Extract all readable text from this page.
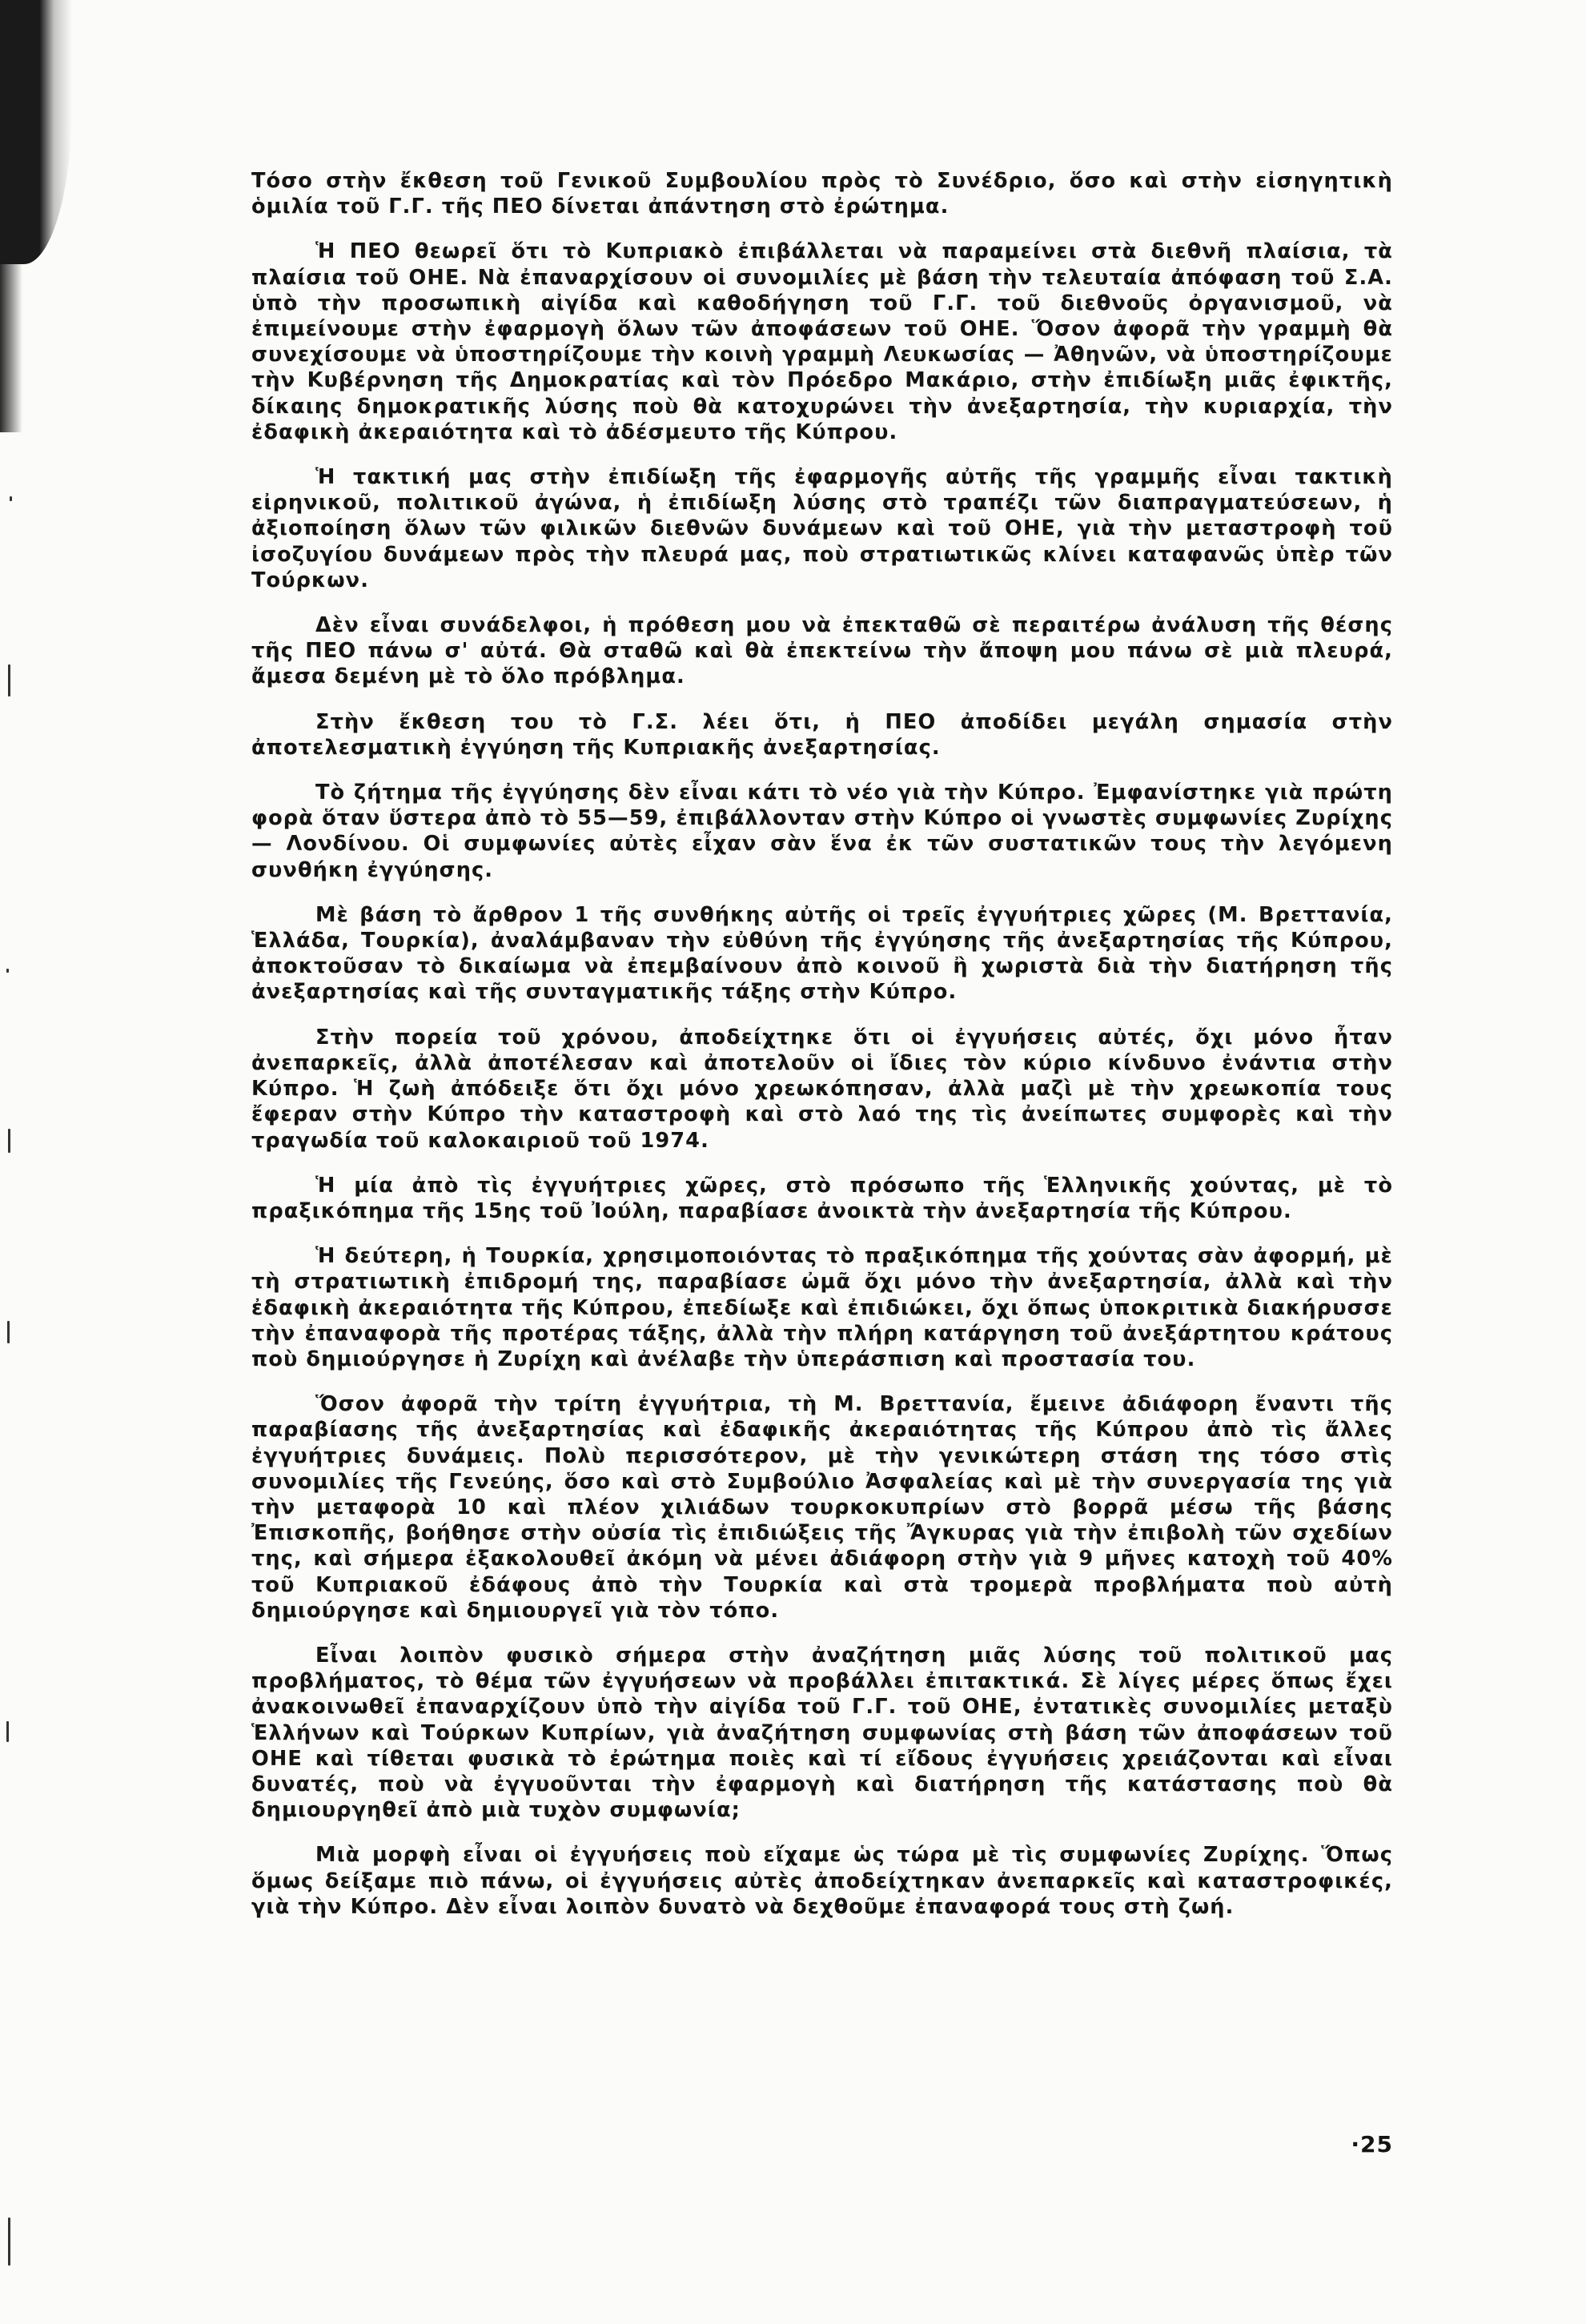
Τόσο στὴν ἔκθεση τοῦ Γενικοῦ Συμβουλίου πρὸς τὸ Συνέδριο, ὅσο καὶ στὴν εἰσηγητικὴ ὁμιλία τοῦ Γ.Γ. τῆς ΠΕΟ δίνεται ἀπάντηση στὸ ἐρώτημα.

Ἡ ΠΕΟ θεωρεῖ ὅτι τὸ Κυπριακὸ ἐπιβάλλεται νὰ παραμείνει στὰ διεθνῆ πλαίσια, τὰ πλαίσια τοῦ ΟΗΕ. Νὰ ἐπαναρχίσουν οἱ συνομιλίες μὲ βάση τὴν τελευταία ἀπόφαση τοῦ Σ.Α. ὑπὸ τὴν προσωπικὴ αἰγίδα καὶ καθοδήγηση τοῦ Γ.Γ. τοῦ διεθνοῦς ὀργανισμοῦ, νὰ ἐπιμείνουμε στὴν ἐφαρμογὴ ὅλων τῶν ἀποφάσεων τοῦ ΟΗΕ. Ὅσον ἀφορᾶ τὴν γραμμὴ θὰ συνεχίσουμε νὰ ὑποστηρίζουμε τὴν κοινὴ γραμμὴ Λευκωσίας — Ἀθηνῶν, νὰ ὑποστηρίζουμε τὴν Κυβέρνηση τῆς Δημοκρατίας καὶ τὸν Πρόεδρο Μακάριο, στὴν ἐπιδίωξη μιᾶς ἐφικτῆς, δίκαιης δημοκρατικῆς λύσης ποὺ θὰ κατοχυρώνει τὴν ἀνεξαρτησία, τὴν κυριαρχία, τὴν ἐδαφικὴ ἀκεραιότητα καὶ τὸ ἀδέσμευτο τῆς Κύπρου.

Ἡ τακτική μας στὴν ἐπιδίωξη τῆς ἐφαρμογῆς αὐτῆς τῆς γραμμῆς εἶναι τακτικὴ εἰρηνικοῦ, πολιτικοῦ ἀγώνα, ἡ ἐπιδίωξη λύσης στὸ τραπέζι τῶν διαπραγματεύσεων, ἡ ἀξιοποίηση ὅλων τῶν φιλικῶν διεθνῶν δυνάμεων καὶ τοῦ ΟΗΕ, γιὰ τὴν μεταστροφὴ τοῦ ἰσοζυγίου δυνάμεων πρὸς τὴν πλευρά μας, ποὺ στρατιωτικῶς κλίνει καταφανῶς ὑπὲρ τῶν Τούρκων.

Δὲν εἶναι συνάδελφοι, ἡ πρόθεση μου νὰ ἐπεκταθῶ σὲ περαιτέρω ἀνάλυση τῆς θέσης τῆς ΠΕΟ πάνω σ' αὐτά. Θὰ σταθῶ καὶ θὰ ἐπεκτείνω τὴν ἄποψη μου πάνω σὲ μιὰ πλευρά, ἄμεσα δεμένη μὲ τὸ ὅλο πρόβλημα.

Στὴν ἔκθεση του τὸ Γ.Σ. λέει ὅτι, ἡ ΠΕΟ ἀποδίδει μεγάλη σημασία στὴν ἀποτελεσματικὴ ἐγγύηση τῆς Κυπριακῆς ἀνεξαρτησίας.

Τὸ ζήτημα τῆς ἐγγύησης δὲν εἶναι κάτι τὸ νέο γιὰ τὴν Κύπρο. Ἐμφανίστηκε γιὰ πρώτη φορὰ ὅταν ὕστερα ἀπὸ τὸ 55—59, ἐπιβάλλονταν στὴν Κύπρο οἱ γνωστὲς συμφωνίες Ζυρίχης — Λονδίνου. Οἱ συμφωνίες αὐτὲς εἶχαν σὰν ἕνα ἐκ τῶν συστατικῶν τους τὴν λεγόμενη συνθήκη ἐγγύησης.

Μὲ βάση τὸ ἄρθρον 1 τῆς συνθήκης αὐτῆς οἱ τρεῖς ἐγγυήτριες χῶρες (Μ. Βρεττανία, Ἑλλάδα, Τουρκία), ἀναλάμβαναν τὴν εὐθύνη τῆς ἐγγύησης τῆς ἀνεξαρτησίας τῆς Κύπρου, ἀποκτοῦσαν τὸ δικαίωμα νὰ ἐπεμβαίνουν ἀπὸ κοινοῦ ἢ χωριστὰ διὰ τὴν διατήρηση τῆς ἀνεξαρτησίας καὶ τῆς συνταγματικῆς τάξης στὴν Κύπρο.

Στὴν πορεία τοῦ χρόνου, ἀποδείχτηκε ὅτι οἱ ἐγγυήσεις αὐτές, ὄχι μόνο ἦταν ἀνεπαρκεῖς, ἀλλὰ ἀποτέλεσαν καὶ ἀποτελοῦν οἱ ἴδιες τὸν κύριο κίνδυνο ἐνάντια στὴν Κύπρο. Ἡ ζωὴ ἀπόδειξε ὅτι ὄχι μόνο χρεωκόπησαν, ἀλλὰ μαζὶ μὲ τὴν χρεωκοπία τους ἔφεραν στὴν Κύπρο τὴν καταστροφὴ καὶ στὸ λαό της τὶς ἀνείπωτες συμφορὲς καὶ τὴν τραγωδία τοῦ καλοκαιριοῦ τοῦ 1974.

Ἡ μία ἀπὸ τὶς ἐγγυήτριες χῶρες, στὸ πρόσωπο τῆς Ἑλληνικῆς χούντας, μὲ τὸ πραξικόπημα τῆς 15ης τοῦ Ἰούλη, παραβίασε ἀνοικτὰ τὴν ἀνεξαρτησία τῆς Κύπρου.

Ἡ δεύτερη, ἡ Τουρκία, χρησιμοποιόντας τὸ πραξικόπημα τῆς χούντας σὰν ἀφορμή, μὲ τὴ στρατιωτικὴ ἐπιδρομή της, παραβίασε ὠμᾶ ὄχι μόνο τὴν ἀνεξαρτησία, ἀλλὰ καὶ τὴν ἐδαφικὴ ἀκεραιότητα τῆς Κύπρου, ἐπεδίωξε καὶ ἐπιδιώκει, ὄχι ὅπως ὑποκριτικὰ διακήρυσσε τὴν ἐπαναφορὰ τῆς προτέρας τάξης, ἀλλὰ τὴν πλήρη κατάργηση τοῦ ἀνεξάρτητου κράτους ποὺ δημιούργησε ἡ Ζυρίχη καὶ ἀνέλαβε τὴν ὑπεράσπιση καὶ προστασία του.

Ὅσον ἀφορᾶ τὴν τρίτη ἐγγυήτρια, τὴ Μ. Βρεττανία, ἔμεινε ἀδιάφορη ἔναντι τῆς παραβίασης τῆς ἀνεξαρτησίας καὶ ἐδαφικῆς ἀκεραιότητας τῆς Κύπρου ἀπὸ τὶς ἄλλες ἐγγυήτριες δυνάμεις. Πολὺ περισσότερον, μὲ τὴν γενικώτερη στάση της τόσο στὶς συνομιλίες τῆς Γενεύης, ὅσο καὶ στὸ Συμβούλιο Ἀσφαλείας καὶ μὲ τὴν συνεργασία της γιὰ τὴν μεταφορὰ 10 καὶ πλέον χιλιάδων τουρκοκυπρίων στὸ βορρᾶ μέσω τῆς βάσης Ἐπισκοπῆς, βοήθησε στὴν οὐσία τὶς ἐπιδιώξεις τῆς Ἄγκυρας γιὰ τὴν ἐπιβολὴ τῶν σχεδίων της, καὶ σήμερα ἐξακολουθεῖ ἀκόμη νὰ μένει ἀδιάφορη στὴν γιὰ 9 μῆνες κατοχὴ τοῦ 40% τοῦ Κυπριακοῦ ἐδάφους ἀπὸ τὴν Τουρκία καὶ στὰ τρομερὰ προβλήματα ποὺ αὐτὴ δημιούργησε καὶ δημιουργεῖ γιὰ τὸν τόπο.

Εἶναι λοιπὸν φυσικὸ σήμερα στὴν ἀναζήτηση μιᾶς λύσης τοῦ πολιτικοῦ μας προβλήματος, τὸ θέμα τῶν ἐγγυήσεων νὰ προβάλλει ἐπιτακτικά. Σὲ λίγες μέρες ὅπως ἔχει ἀνακοινωθεῖ ἐπαναρχίζουν ὑπὸ τὴν αἰγίδα τοῦ Γ.Γ. τοῦ ΟΗΕ, ἐντατικὲς συνομιλίες μεταξὺ Ἑλλήνων καὶ Τούρκων Κυπρίων, γιὰ ἀναζήτηση συμφωνίας στὴ βάση τῶν ἀποφάσεων τοῦ ΟΗΕ καὶ τίθεται φυσικὰ τὸ ἐρώτημα ποιὲς καὶ τί εἴδους ἐγγυήσεις χρειάζονται καὶ εἶναι δυνατές, ποὺ νὰ ἐγγυοῦνται τὴν ἐφαρμογὴ καὶ διατήρηση τῆς κατάστασης ποὺ θὰ δημιουργηθεῖ ἀπὸ μιὰ τυχὸν συμφωνία;

Μιὰ μορφὴ εἶναι οἱ ἐγγυήσεις ποὺ εἴχαμε ὡς τώρα μὲ τὶς συμφωνίες Ζυρίχης. Ὅπως ὅμως δείξαμε πιὸ πάνω, οἱ ἐγγυήσεις αὐτὲς ἀποδείχτηκαν ἀνεπαρκεῖς καὶ καταστροφικές, γιὰ τὴν Κύπρο. Δὲν εἶναι λοιπὸν δυνατὸ νὰ δεχθοῦμε ἐπαναφορά τους στὴ ζωή.

·25
